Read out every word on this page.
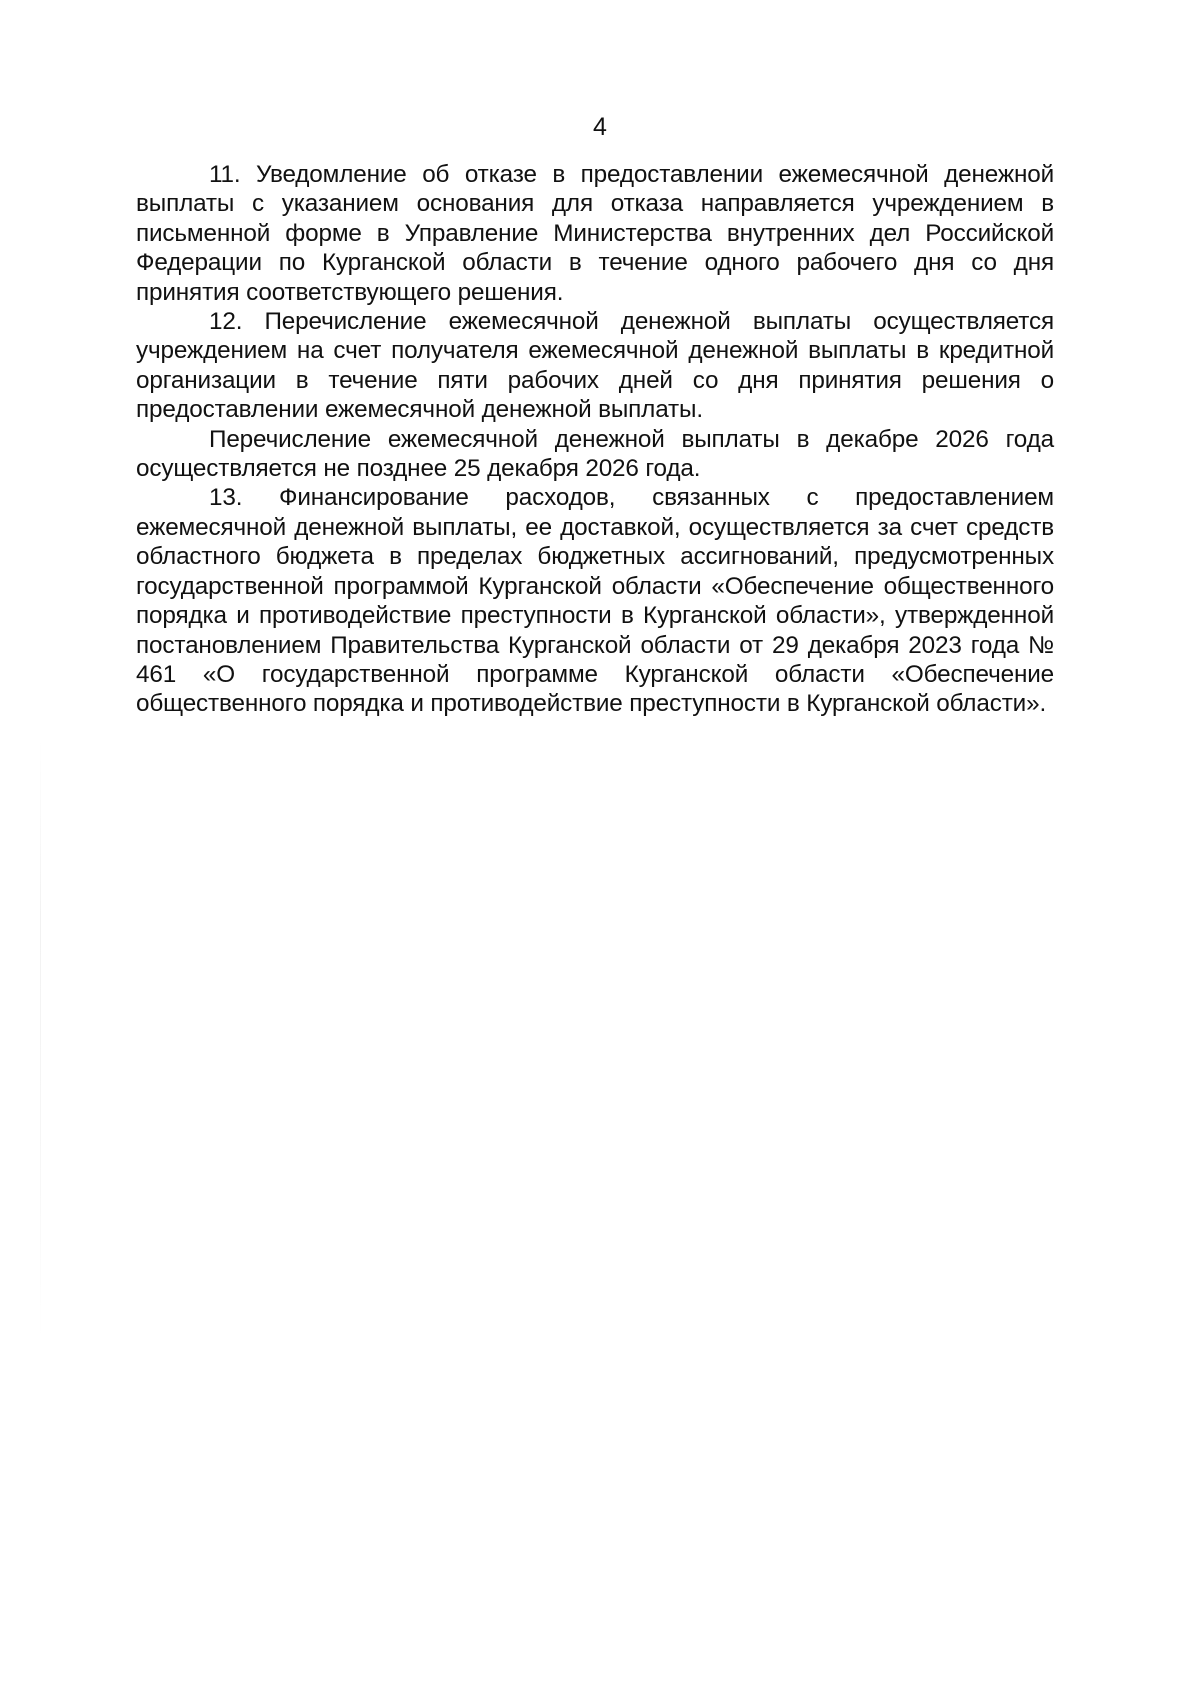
4

11. Уведомление об отказе в предоставлении ежемесячной денежной выплаты с указанием основания для отказа направляется учреждением в письменной форме в Управление Министерства внутренних дел Российской Федерации по Курганской области в течение одного рабочего дня со дня принятия соответствующего решения.

12. Перечисление ежемесячной денежной выплаты осуществляется учреждением на счет получателя ежемесячной денежной выплаты в кредитной организации в течение пяти рабочих дней со дня принятия решения о предоставлении ежемесячной денежной выплаты.

Перечисление ежемесячной денежной выплаты в декабре 2026 года осуществляется не позднее 25 декабря 2026 года.

13. Финансирование расходов, связанных с предоставлением ежемесячной денежной выплаты, ее доставкой, осуществляется за счет средств областного бюджета в пределах бюджетных ассигнований, предусмотренных государственной программой Курганской области «Обеспечение общественного порядка и противодействие преступности в Курганской области», утвержденной постановлением Правительства Курганской области от 29 декабря 2023 года № 461 «О государственной программе Курганской области «Обеспечение общественного порядка и противодействие преступности в Курганской области».
